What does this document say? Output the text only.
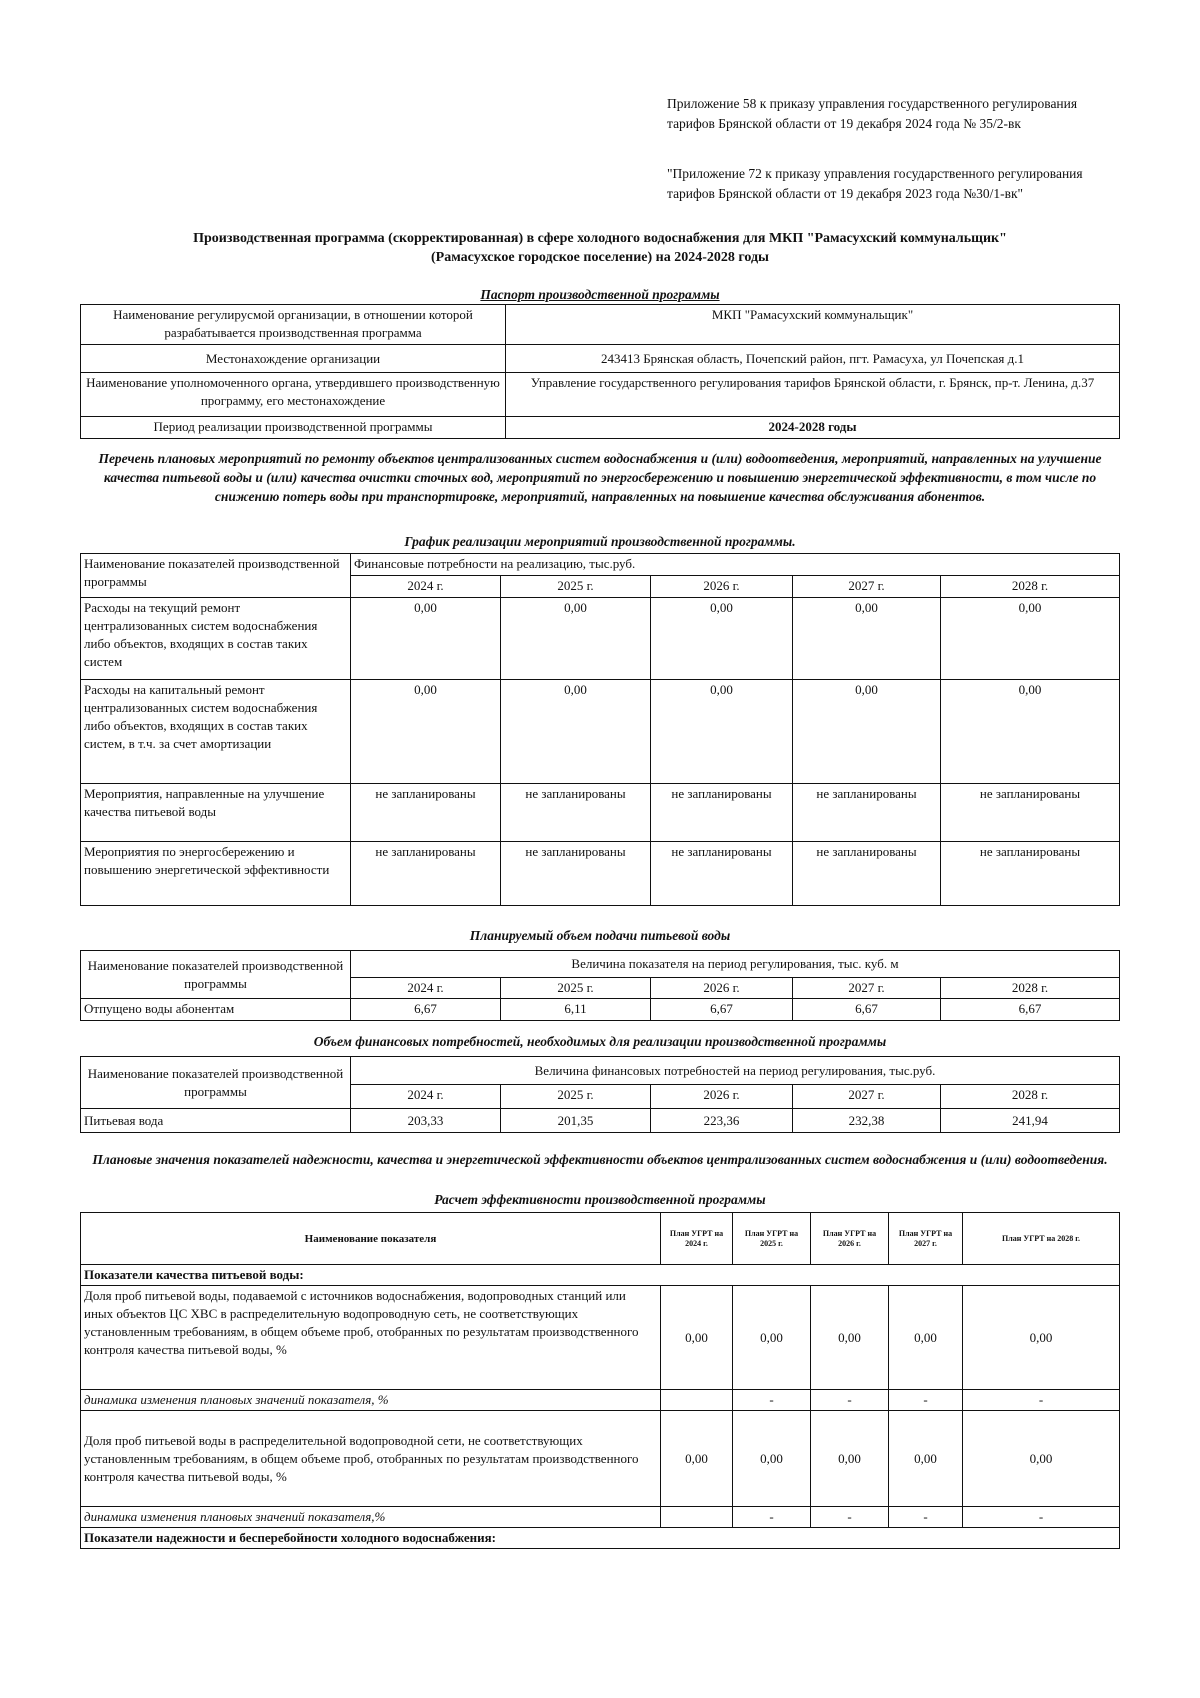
Приложение 58 к приказу управления государственного регулирования тарифов Брянской области от 19 декабря 2024 года № 35/2-вк
"Приложение 72 к приказу управления государственного регулирования тарифов Брянской области от 19 декабря 2023 года №30/1-вк"
Производственная программа (скорректированная) в сфере холодного водоснабжения для МКП "Рамасухский коммунальщик"
(Рамасухское городское поселение) на 2024-2028 годы
Паспорт производственной программы
Наименование регулирусмой организации, в отношении которой разрабатывается производственная программа	МКП "Рамасухский коммунальщик"
Местонахождение организации	243413 Брянская область, Почепский район, пгт. Рамасуха, ул Почепская д.1
Наименование уполномоченного органа, утвердившего производственную программу, его местонахождение	Управление государственного регулирования тарифов Брянской области, г. Брянск, пр-т. Ленина, д.37
Период реализации производственной программы	2024-2028 годы
Перечень плановых мероприятий по ремонту объектов централизованных систем водоснабжения и (или) водоотведения, мероприятий, направленных на улучшение качества питьевой воды и (или) качества очистки сточных вод, мероприятий по энергосбережению и повышению энергетической эффективности, в том числе по снижению потерь воды при транспортировке, мероприятий, направленных на повышение качества обслуживания абонентов.
График реализации мероприятий производственной программы.
Наименование показателей производственной программы	Финансовые потребности на реализацию, тыс.руб.				
	2024 г.	2025 г.	2026 г.	2027 г.	2028 г.
Расходы на текущий ремонт централизованных систем водоснабжения либо объектов, входящих в состав таких систем	0,00	0,00	0,00	0,00	0,00
Расходы на капитальный ремонт централизованных систем водоснабжения либо объектов, входящих в состав таких систем, в т.ч. за счет амортизации	0,00	0,00	0,00	0,00	0,00
Мероприятия, направленные на улучшение качества питьевой воды	не запланированы	не запланированы	не запланированы	не запланированы	не запланированы
Мероприятия по энергосбережению и повышению энергетической эффективности	не запланированы	не запланированы	не запланированы	не запланированы	не запланированы
Планируемый объем подачи питьевой воды
Наименование показателей производственной программы	Величина показателя на период регулирования, тыс. куб. м				
	2024 г.	2025 г.	2026 г.	2027 г.	2028 г.
Отпущено воды абонентам	6,67	6,11	6,67	6,67	6,67
Объем финансовых потребностей, необходимых для реализации производственной программы
Наименование показателей производственной программы	Величина финансовых потребностей на период регулирования, тыс.руб.				
	2024 г.	2025 г.	2026 г.	2027 г.	2028 г.
Питьевая вода	203,33	201,35	223,36	232,38	241,94
Плановые значения показателей надежности, качества и энергетической эффективности объектов централизованных систем водоснабжения и (или) водоотведения.
Расчет эффективности производственной программы
Наименование показателя	План УГРТ на 2024 г.	План УГРТ на 2025 г.	План УГРТ на 2026 г.	План УГРТ на 2027 г.	План УГРТ на 2028 г.
Показатели качества питьевой воды:					
Доля проб питьевой воды, подаваемой с источников водоснабжения, водопроводных станций или иных объектов ЦС ХВС в распределительную водопроводную сеть, не соответствующих установленным требованиям, в общем объеме проб, отобранных по результатам производственного контроля качества питьевой воды, %	0,00	0,00	0,00	0,00	0,00
динамика изменения плановых значений показателя, %		-	-	-	-
Доля проб питьевой воды в распределительной водопроводной сети, не соответствующих установленным требованиям, в общем объеме проб, отобранных по результатам производственного контроля качества питьевой воды, %	0,00	0,00	0,00	0,00	0,00
динамика изменения плановых значений показателя,%		-	-	-	-
Показатели надежности и бесперебойности холодного водоснабжения:					
